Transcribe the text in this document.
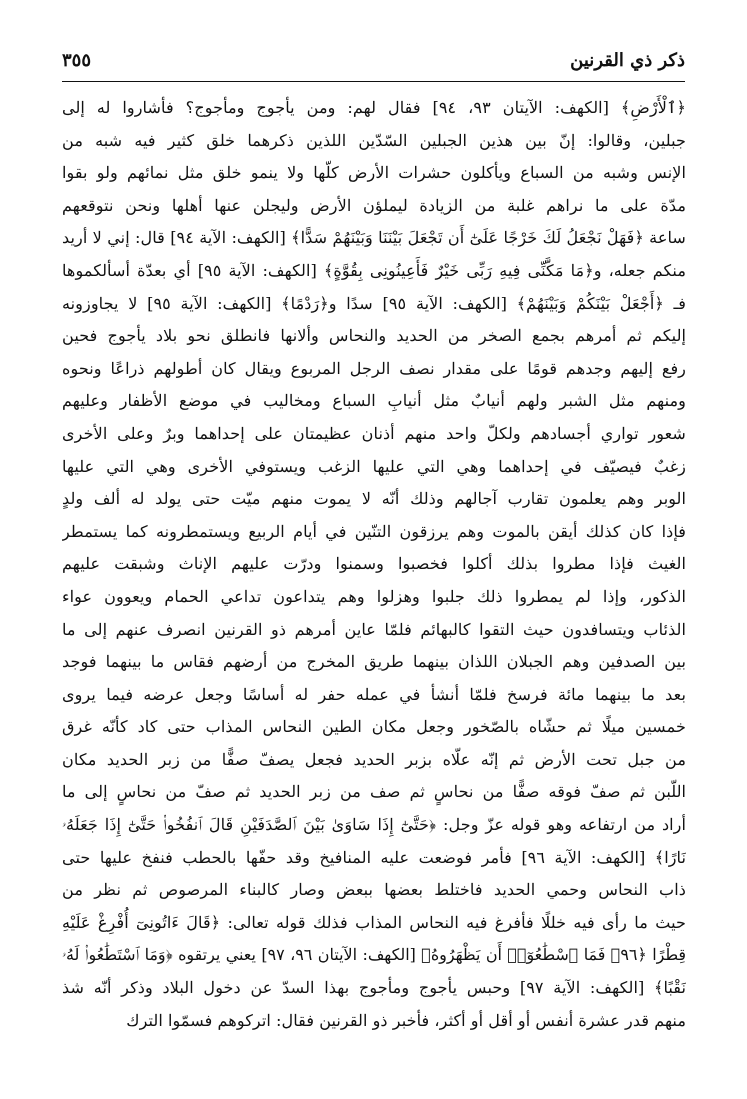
ذكر ذي القرنين
٣٥٥
﴿ٱلْأَرْضِ﴾ [الكهف: الآيتان ٩٣، ٩٤] فقال لهم: ومن يأجوج ومأجوج؟ فأشاروا له إلى
جبلين، وقالوا: إنّ بين هذين الجبلين السّدّين اللذين ذكرهما خلق كثير فيه شبه من
الإنس وشبه من السباع ويأكلون حشرات الأرض كلّها ولا ينمو خلق مثل نمائهم ولو بقوا
مدّة على ما نراهم غلبة من الزيادة ليملؤن الأرض وليجلن عنها أهلها ونحن نتوقعهم
ساعة ﴿فَهَلْ نَجْعَلُ لَكَ خَرْجًا عَلَىٰٓ أَن تَجْعَلَ بَيْنَنَا وَبَيْنَهُمْ سَدًّا﴾ [الكهف: الآية ٩٤] قال: إني لا أريد
منكم جعله، و﴿مَا مَكَّنِّى فِيهِ رَبِّى خَيْرٌ فَأَعِينُونِى بِقُوَّةٍ﴾ [الكهف: الآية ٩٥] أي بعدّة أسألكموها
فـ ﴿أَجْعَلْ بَيْنَكُمْ وَبَيْنَهُمْ﴾ [الكهف: الآية ٩٥] سدًا و﴿رَدْمًا﴾ [الكهف: الآية ٩٥] لا يجاوزونه
إليكم ثم أمرهم بجمع الصخر من الحديد والنحاس وألانها فانطلق نحو بلاد يأجوج فحين
رفع إليهم وجدهم قومًا على مقدار نصف الرجل المربوع ويقال كان أطولهم ذراعًا ونحوه
ومنهم مثل الشبر ولهم أنيابٌ مثل أنيابِ السباع ومخاليب في موضع الأظفار وعليهم
شعور تواري أجسادهم ولكلّ واحد منهم أذنان عظيمتان على إحداهما وبرٌ وعلى الأخرى
زغبٌ فيصيّف في إحداهما وهي التي عليها الزغب ويستوفي الأخرى وهي التي عليها
الوبر وهم يعلمون تقارب آجالهم وذلك أنّه لا يموت منهم ميّت حتى يولد له ألف ولدٍ
فإذا كان كذلك أيقن بالموت وهم يرزقون التنّين في أيام الربيع ويستمطرونه كما يستمطر
الغيث فإذا مطروا بذلك أكلوا فخصبوا وسمنوا ودرّت عليهم الإناث وشبقت عليهم
الذكور، وإذا لم يمطروا ذلك جلبوا وهزلوا وهم يتداعون تداعي الحمام ويعوون عواء
الذئاب ويتسافدون حيث التقوا كالبهائم فلمّا عاين أمرهم ذو القرنين انصرف عنهم إلى ما
بين الصدفين وهم الجبلان اللذان بينهما طريق المخرج من أرضهم فقاس ما بينهما فوجد
بعد ما بينهما مائة فرسخ فلمّا أنشأ في عمله حفر له أساسًا وجعل عرضه فيما يروى
خمسين ميلًا ثم حشّاه بالصّخور وجعل مكان الطين النحاس المذاب حتى كاد كأنّه غرق
من جبل تحت الأرض ثم إنّه علّاه بزبر الحديد فجعل يصفّ صفًّا من زبر الحديد مكان
اللّبن ثم صفّ فوقه صفًّا من نحاسٍ ثم صف من زبر الحديد ثم صفّ من نحاسٍ إلى ما
أراد من ارتفاعه وهو قوله عزّ وجل: ﴿حَتَّىٰٓ إِذَا سَاوَىٰ بَيْنَ ٱلصَّدَفَيْنِ قَالَ ٱنفُخُوا۟ حَتَّىٰٓ إِذَا جَعَلَهُۥ
نَارًا﴾ [الكهف: الآية ٩٦] فأمر فوضعت عليه المنافيخ وقد حفّها بالحطب فنفخ عليها حتى
ذاب النحاس وحمي الحديد فاختلط بعضها ببعض وصار كالبناء المرصوص ثم نظر من
حيث ما رأى فيه خللًا فأفرغ فيه النحاس المذاب فذلك قوله تعالى: ﴿قَالَ ءَاتُونِىٓ أُفْرِغْ عَلَيْهِ
قِطْرًا ﴿٩٦﴾ فَمَا ٱسْطَٰعُوٓا۟ أَن يَظْهَرُوهُ﴾ [الكهف: الآيتان ٩٦، ٩٧] يعني يرتقوه ﴿وَمَا ٱسْتَطَٰعُوا۟ لَهُۥ
نَقْبًا﴾ [الكهف: الآية ٩٧] وحبس يأجوج ومأجوج بهذا السدّ عن دخول البلاد وذكر أنّه شذ
منهم قدر عشرة أنفس أو أقل أو أكثر، فأخبر ذو القرنين فقال: اتركوهم فسمّوا الترك
